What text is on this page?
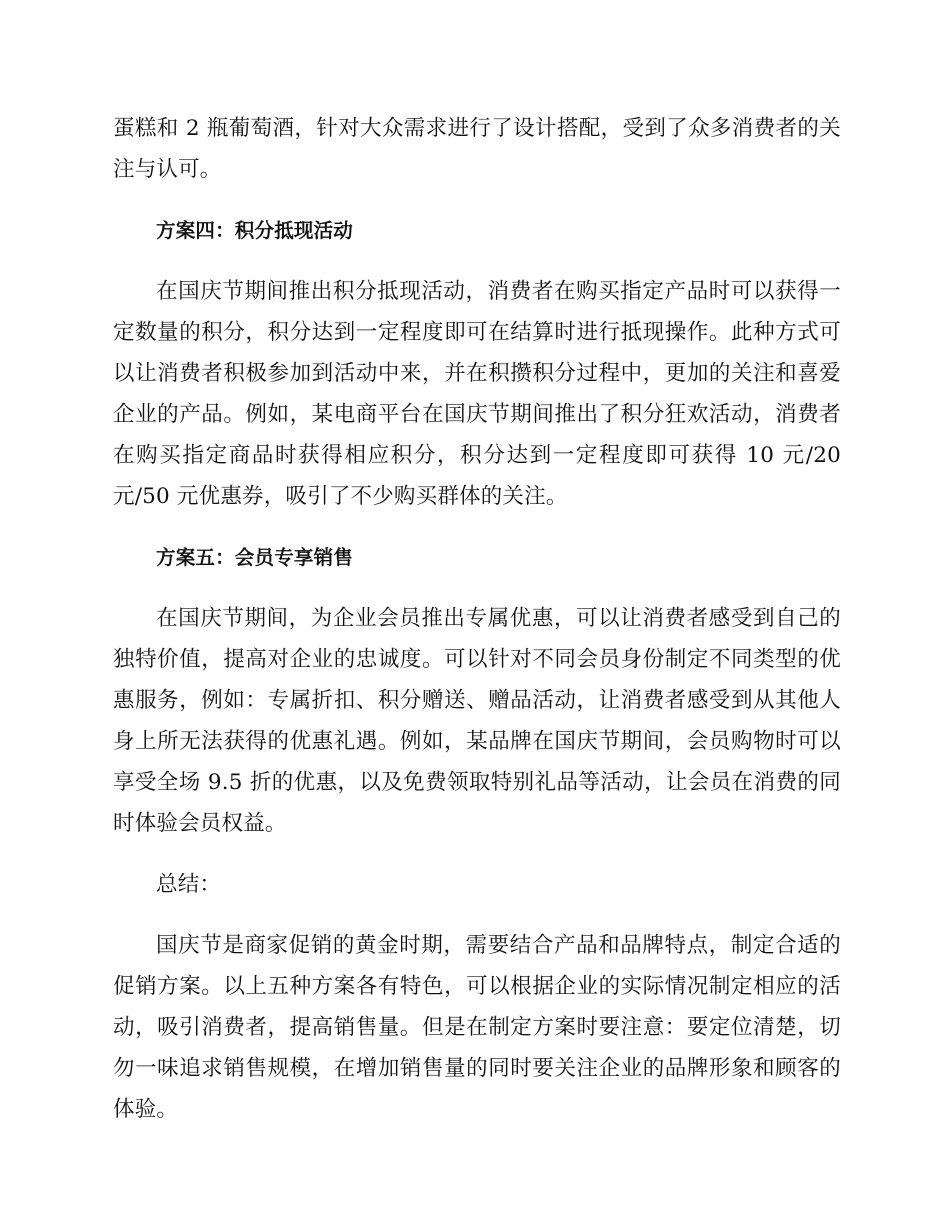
蛋糕和 2 瓶葡萄酒，针对大众需求进行了设计搭配，受到了众多消费者的关注与认可。

方案四：积分抵现活动

在国庆节期间推出积分抵现活动，消费者在购买指定产品时可以获得一定数量的积分，积分达到一定程度即可在结算时进行抵现操作。此种方式可以让消费者积极参加到活动中来，并在积攒积分过程中，更加的关注和喜爱企业的产品。例如，某电商平台在国庆节期间推出了积分狂欢活动，消费者在购买指定商品时获得相应积分，积分达到一定程度即可获得 10 元/20 元/50 元优惠券，吸引了不少购买群体的关注。

方案五：会员专享销售

在国庆节期间，为企业会员推出专属优惠，可以让消费者感受到自己的独特价值，提高对企业的忠诚度。可以针对不同会员身份制定不同类型的优惠服务，例如：专属折扣、积分赠送、赠品活动，让消费者感受到从其他人身上所无法获得的优惠礼遇。例如，某品牌在国庆节期间，会员购物时可以享受全场 9.5 折的优惠，以及免费领取特别礼品等活动，让会员在消费的同时体验会员权益。

总结：

国庆节是商家促销的黄金时期，需要结合产品和品牌特点，制定合适的促销方案。以上五种方案各有特色，可以根据企业的实际情况制定相应的活动，吸引消费者，提高销售量。但是在制定方案时要注意：要定位清楚，切勿一味追求销售规模，在增加销售量的同时要关注企业的品牌形象和顾客的体验。
